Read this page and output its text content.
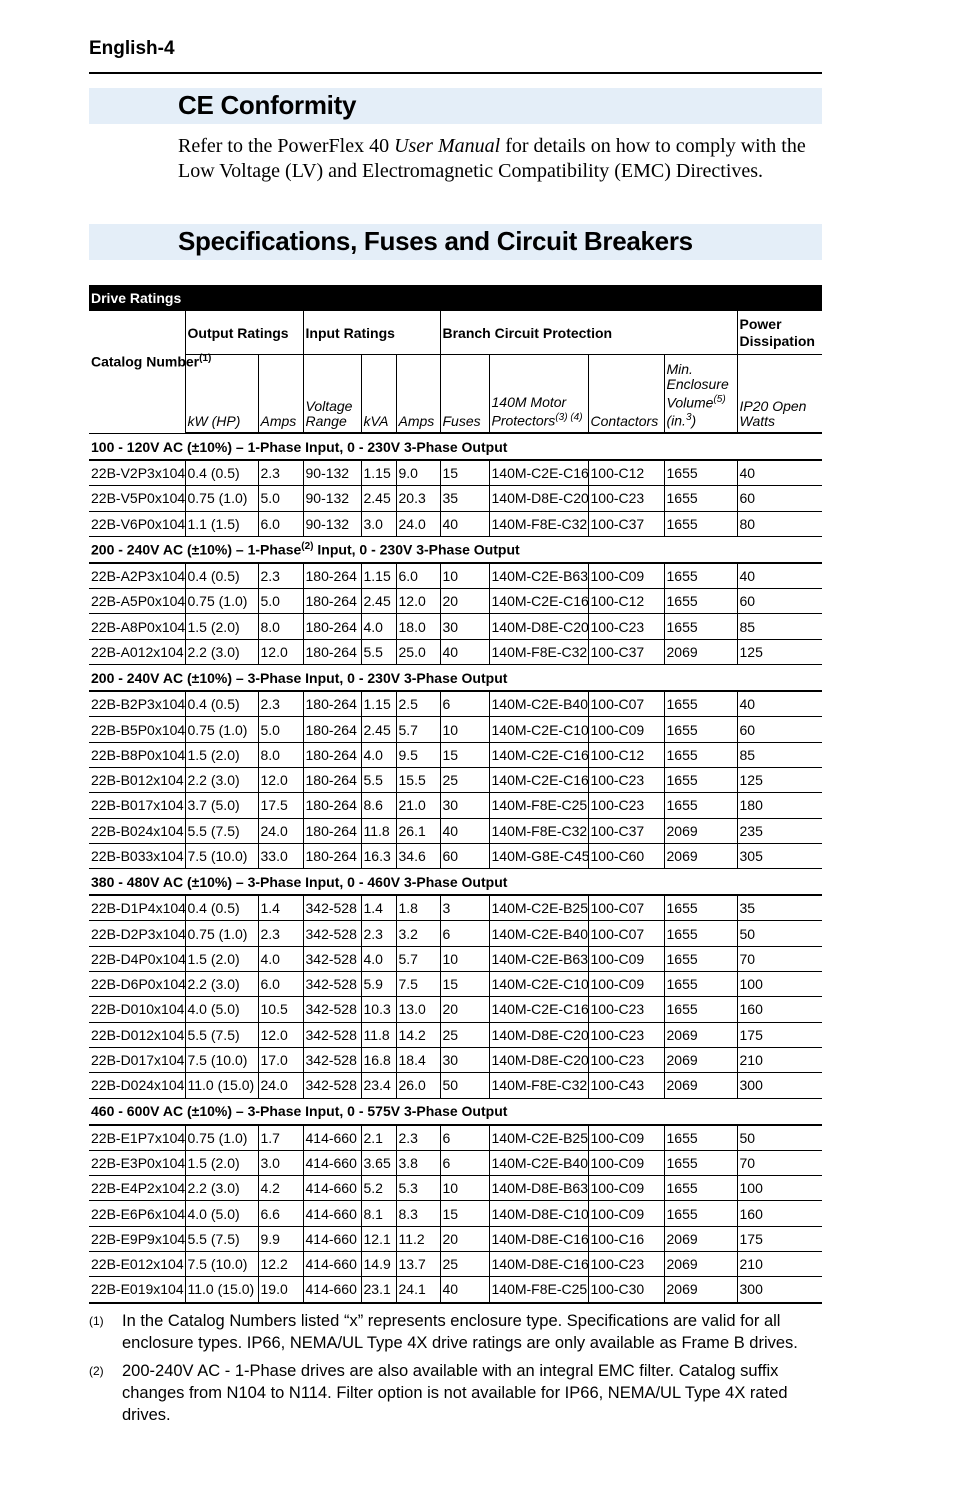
English-4
CE Conformity

Refer to the PowerFlex 40 User Manual for details on how to comply with the Low Voltage (LV) and Electromagnetic Compatibility (EMC) Directives.

Specifications, Fuses and Circuit Breakers
Drive Ratings										
Catalog Number$^{(1)}$	Output Ratings		Input Ratings			Branch Circuit Protection				Power Dissipation
	kW (HP)	Amps	Voltage Range	kVA	Amps	Fuses	140M Motor Protectors$^{(3) (4)}$	Contactors	Min. Enclosure Volume$^{(5)}$ (in.$^3$)	IP20 Open Watts
100 - 120V AC (±10%) – 1-Phase Input, 0 - 230V 3-Phase Output										
22B-V2P3x104	0.4 (0.5)	2.3	90-132	1.15	9.0	15	140M-C2E-C16	100-C12	1655	40
22B-V5P0x104	0.75 (1.0)	5.0	90-132	2.45	20.3	35	140M-D8E-C20	100-C23	1655	60
22B-V6P0x104	1.1 (1.5)	6.0	90-132	3.0	24.0	40	140M-F8E-C32	100-C37	1655	80
200 - 240V AC (±10%) – 1-Phase$^{(2)}$ Input, 0 - 230V 3-Phase Output										
22B-A2P3x104	0.4 (0.5)	2.3	180-264	1.15	6.0	10	140M-C2E-B63	100-C09	1655	40
22B-A5P0x104	0.75 (1.0)	5.0	180-264	2.45	12.0	20	140M-C2E-C16	100-C12	1655	60
22B-A8P0x104	1.5 (2.0)	8.0	180-264	4.0	18.0	30	140M-D8E-C20	100-C23	1655	85
22B-A012x104	2.2 (3.0)	12.0	180-264	5.5	25.0	40	140M-F8E-C32	100-C37	2069	125
200 - 240V AC (±10%) – 3-Phase Input, 0 - 230V 3-Phase Output										
22B-B2P3x104	0.4 (0.5)	2.3	180-264	1.15	2.5	6	140M-C2E-B40	100-C07	1655	40
22B-B5P0x104	0.75 (1.0)	5.0	180-264	2.45	5.7	10	140M-C2E-C10	100-C09	1655	60
22B-B8P0x104	1.5 (2.0)	8.0	180-264	4.0	9.5	15	140M-C2E-C16	100-C12	1655	85
22B-B012x104	2.2 (3.0)	12.0	180-264	5.5	15.5	25	140M-C2E-C16	100-C23	1655	125
22B-B017x104	3.7 (5.0)	17.5	180-264	8.6	21.0	30	140M-F8E-C25	100-C23	1655	180
22B-B024x104	5.5 (7.5)	24.0	180-264	11.8	26.1	40	140M-F8E-C32	100-C37	2069	235
22B-B033x104	7.5 (10.0)	33.0	180-264	16.3	34.6	60	140M-G8E-C45	100-C60	2069	305
380 - 480V AC (±10%) – 3-Phase Input, 0 - 460V 3-Phase Output										
22B-D1P4x104	0.4 (0.5)	1.4	342-528	1.4	1.8	3	140M-C2E-B25	100-C07	1655	35
22B-D2P3x104	0.75 (1.0)	2.3	342-528	2.3	3.2	6	140M-C2E-B40	100-C07	1655	50
22B-D4P0x104	1.5 (2.0)	4.0	342-528	4.0	5.7	10	140M-C2E-B63	100-C09	1655	70
22B-D6P0x104	2.2 (3.0)	6.0	342-528	5.9	7.5	15	140M-C2E-C10	100-C09	1655	100
22B-D010x104	4.0 (5.0)	10.5	342-528	10.3	13.0	20	140M-C2E-C16	100-C23	1655	160
22B-D012x104	5.5 (7.5)	12.0	342-528	11.8	14.2	25	140M-D8E-C20	100-C23	2069	175
22B-D017x104	7.5 (10.0)	17.0	342-528	16.8	18.4	30	140M-D8E-C20	100-C23	2069	210
22B-D024x104	11.0 (15.0)	24.0	342-528	23.4	26.0	50	140M-F8E-C32	100-C43	2069	300
460 - 600V AC (±10%) – 3-Phase Input, 0 - 575V 3-Phase Output										
22B-E1P7x104	0.75 (1.0)	1.7	414-660	2.1	2.3	6	140M-C2E-B25	100-C09	1655	50
22B-E3P0x104	1.5 (2.0)	3.0	414-660	3.65	3.8	6	140M-C2E-B40	100-C09	1655	70
22B-E4P2x104	2.2 (3.0)	4.2	414-660	5.2	5.3	10	140M-D8E-B63	100-C09	1655	100
22B-E6P6x104	4.0 (5.0)	6.6	414-660	8.1	8.3	15	140M-D8E-C10	100-C09	1655	160
22B-E9P9x104	5.5 (7.5)	9.9	414-660	12.1	11.2	20	140M-D8E-C16	100-C16	2069	175
22B-E012x104	7.5 (10.0)	12.2	414-660	14.9	13.7	25	140M-D8E-C16	100-C23	2069	210
22B-E019x104	11.0 (15.0)	19.0	414-660	23.1	24.1	40	140M-F8E-C25	100-C30	2069	300
(1) In the Catalog Numbers listed “x” represents enclosure type. Specifications are valid for all enclosure types. IP66, NEMA/UL Type 4X drive ratings are only available as Frame B drives.
(2) 200-240V AC - 1-Phase drives are also available with an integral EMC filter. Catalog suffix changes from N104 to N114. Filter option is not available for IP66, NEMA/UL Type 4X rated drives.
